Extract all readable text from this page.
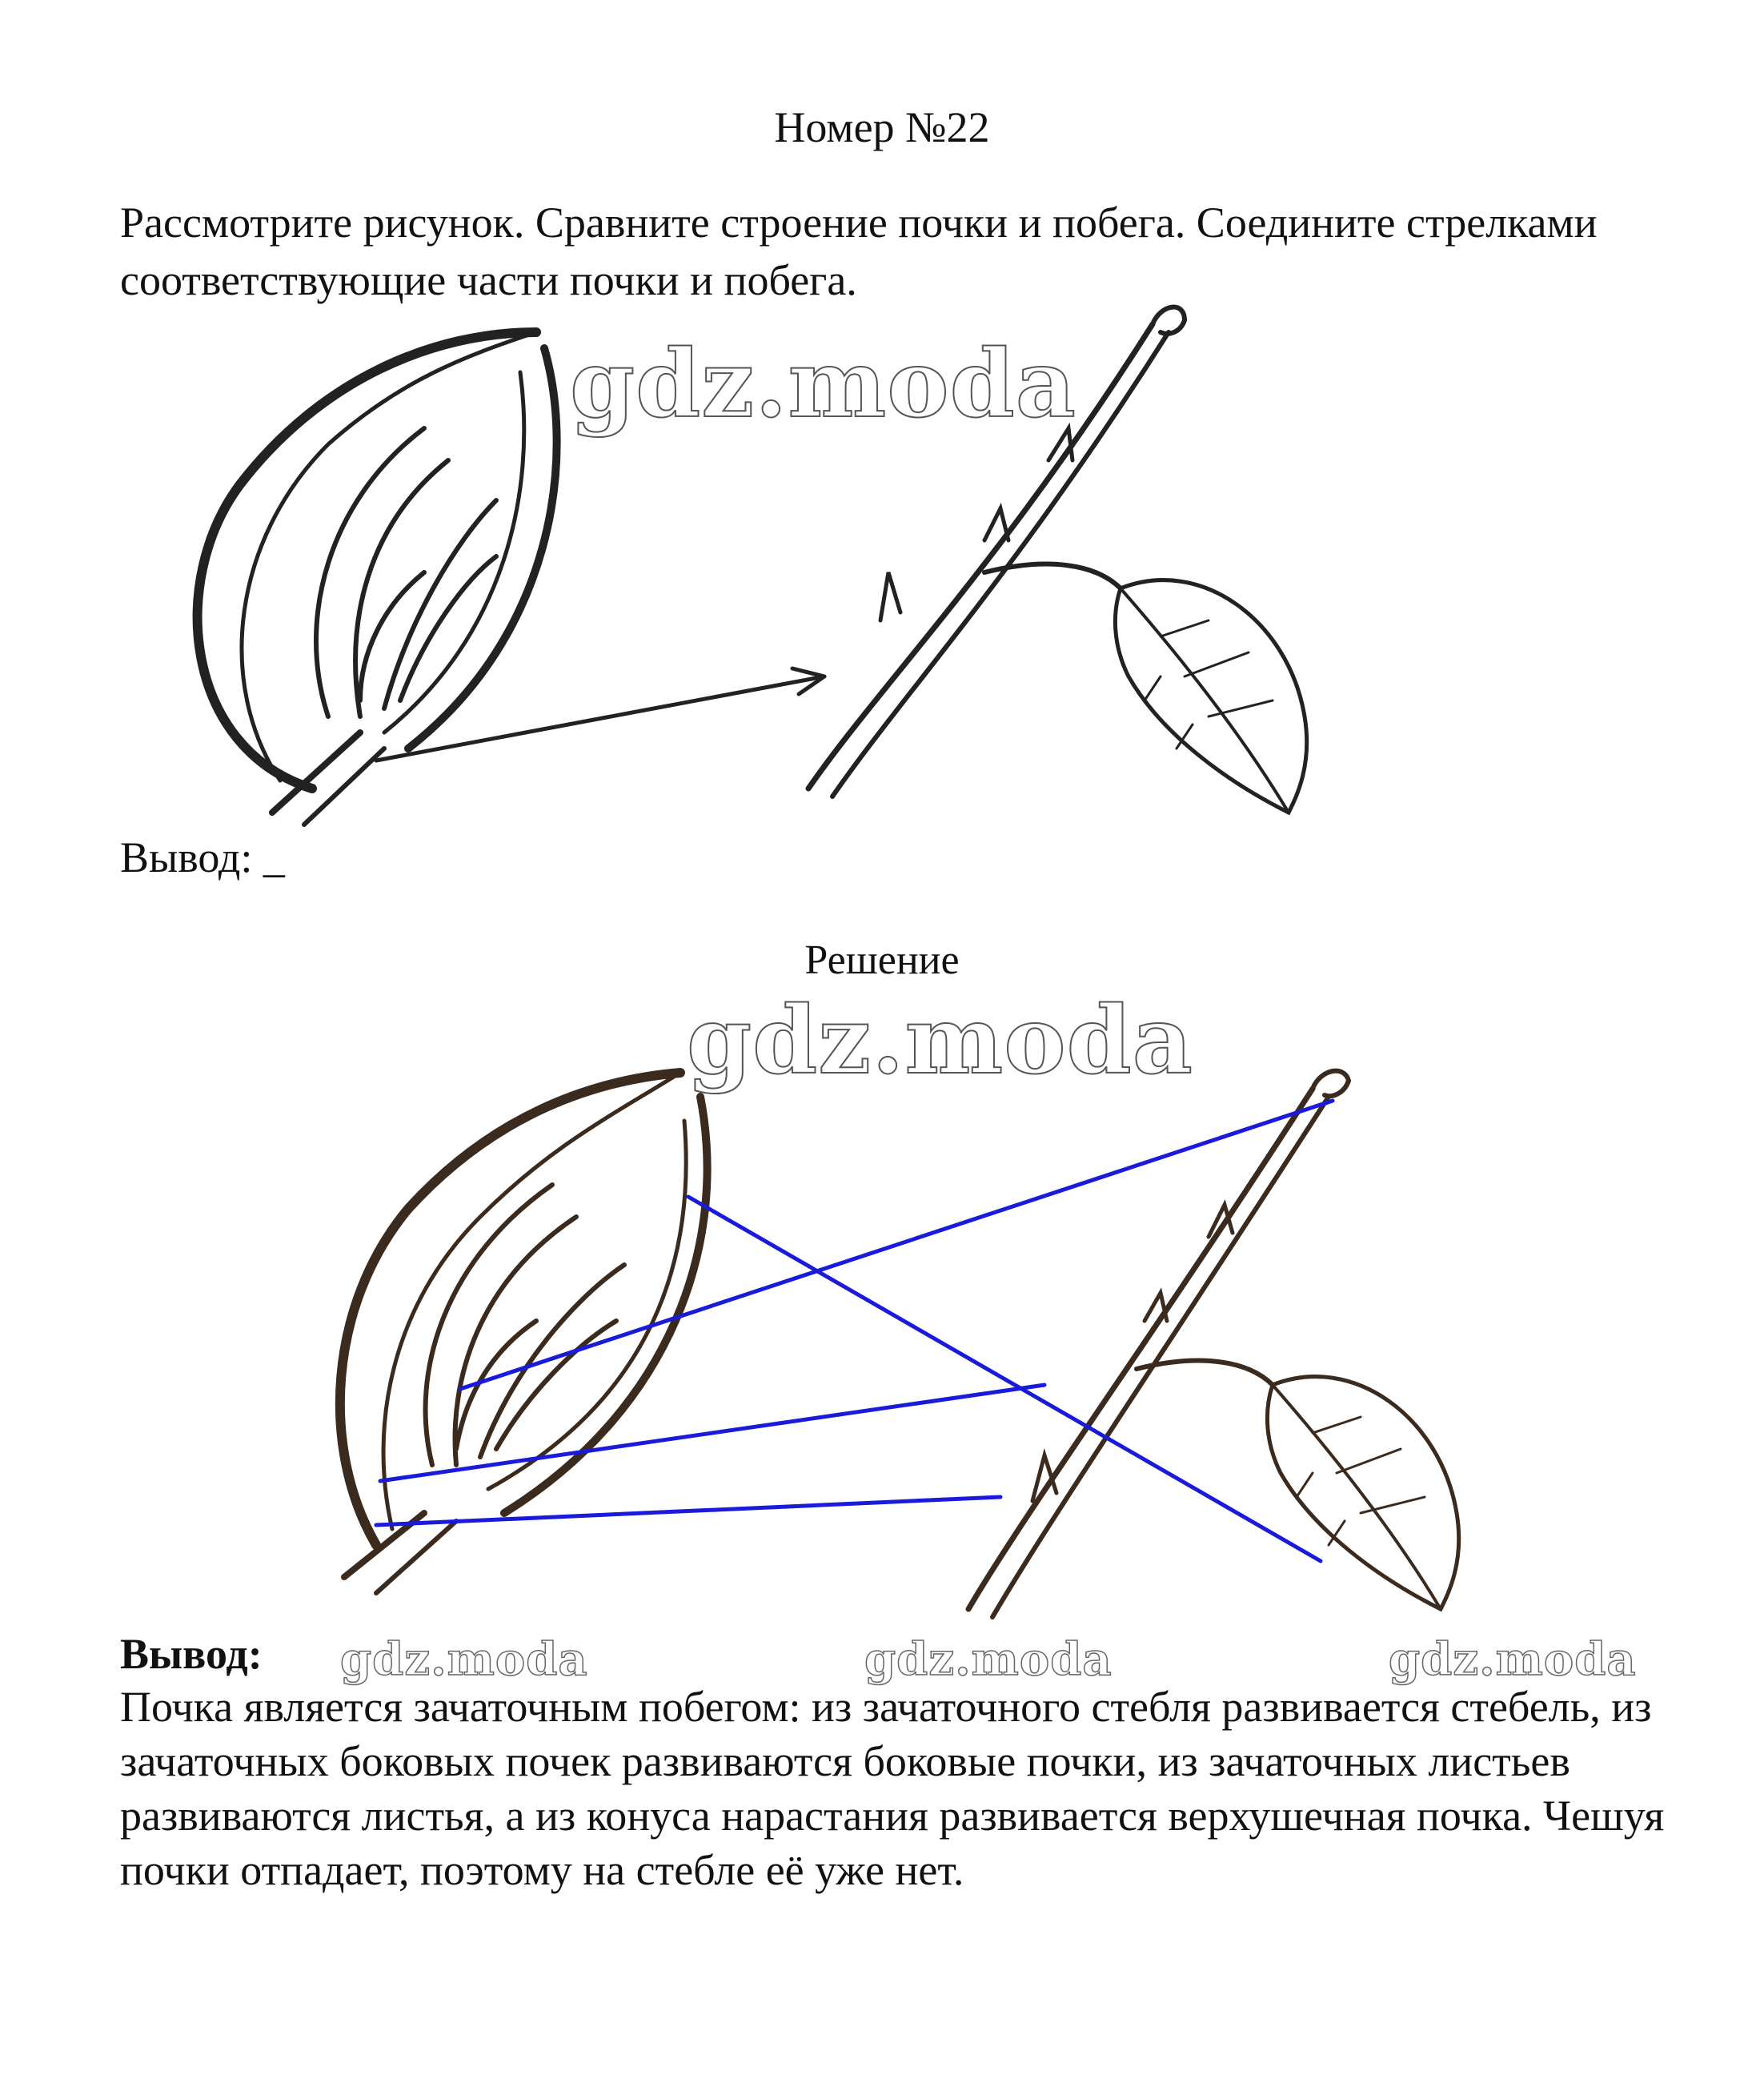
Номер №22
Рассмотрите рисунок. Сравните строение почки и побега. Соедините стрелками соответствующие части почки и побега.
gdz.moda
Вывод: _
Решение
gdz.moda
Вывод: gdz.moda	gdz.moda	gdz.moda
Почка является зачаточным побегом: из зачаточного стебля развивается стебель, из зачаточных боковых почек развиваются боковые почки, из зачаточных листьев развиваются листья, а из конуса нарастания развивается верхушечная почка. Чешуя почки отпадает, поэтому на стебле её уже нет.
